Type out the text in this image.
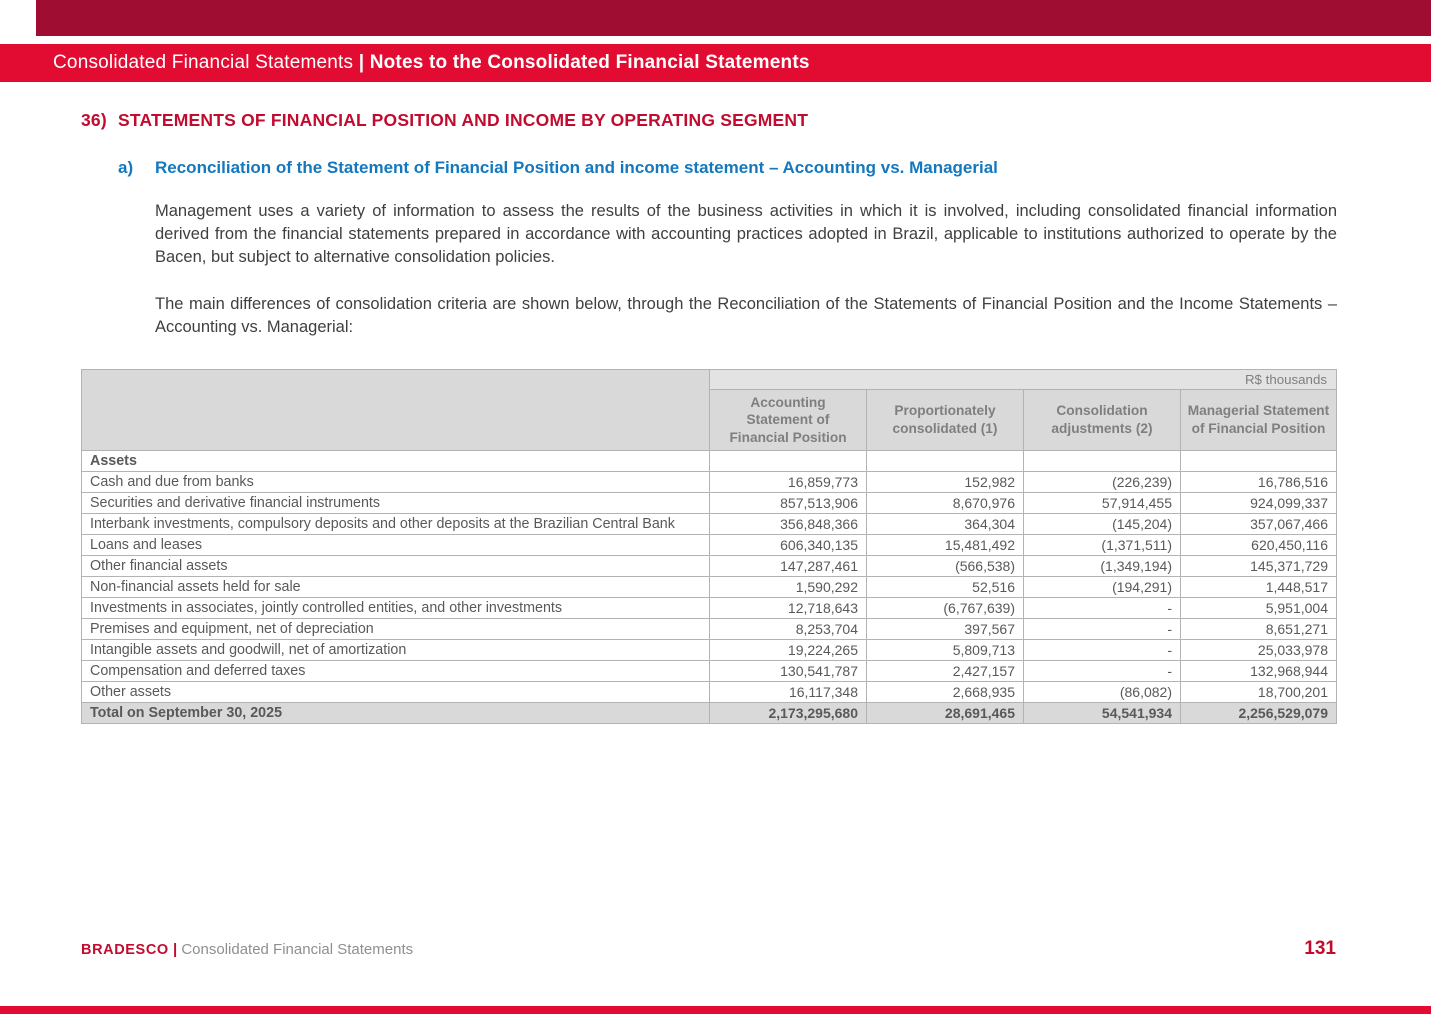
Consolidated Financial Statements | Notes to the Consolidated Financial Statements
36) STATEMENTS OF FINANCIAL POSITION AND INCOME BY OPERATING SEGMENT
a)	Reconciliation of the Statement of Financial Position and income statement – Accounting vs. Managerial
Management uses a variety of information to assess the results of the business activities in which it is involved, including consolidated financial information derived from the financial statements prepared in accordance with accounting practices adopted in Brazil, applicable to institutions authorized to operate by the Bacen, but subject to alternative consolidation policies.
The main differences of consolidation criteria are shown below, through the Reconciliation of the Statements of Financial Position and the Income Statements – Accounting vs. Managerial:
	R$ thousands			
	Accounting Statement of Financial Position	Proportionately consolidated (1)	Consolidation adjustments (2)	Managerial Statement of Financial Position
Assets				
Cash and due from banks	16,859,773	152,982	(226,239)	16,786,516
Securities and derivative financial instruments	857,513,906	8,670,976	57,914,455	924,099,337
Interbank investments, compulsory deposits and other deposits at the Brazilian Central Bank	356,848,366	364,304	(145,204)	357,067,466
Loans and leases	606,340,135	15,481,492	(1,371,511)	620,450,116
Other financial assets	147,287,461	(566,538)	(1,349,194)	145,371,729
Non-financial assets held for sale	1,590,292	52,516	(194,291)	1,448,517
Investments in associates, jointly controlled entities, and other investments	12,718,643	(6,767,639)	-	5,951,004
Premises and equipment, net of depreciation	8,253,704	397,567	-	8,651,271
Intangible assets and goodwill, net of amortization	19,224,265	5,809,713	-	25,033,978
Compensation and deferred taxes	130,541,787	2,427,157	-	132,968,944
Other assets	16,117,348	2,668,935	(86,082)	18,700,201
Total on September 30, 2025	2,173,295,680	28,691,465	54,541,934	2,256,529,079
BRADESCO | Consolidated Financial Statements	131
